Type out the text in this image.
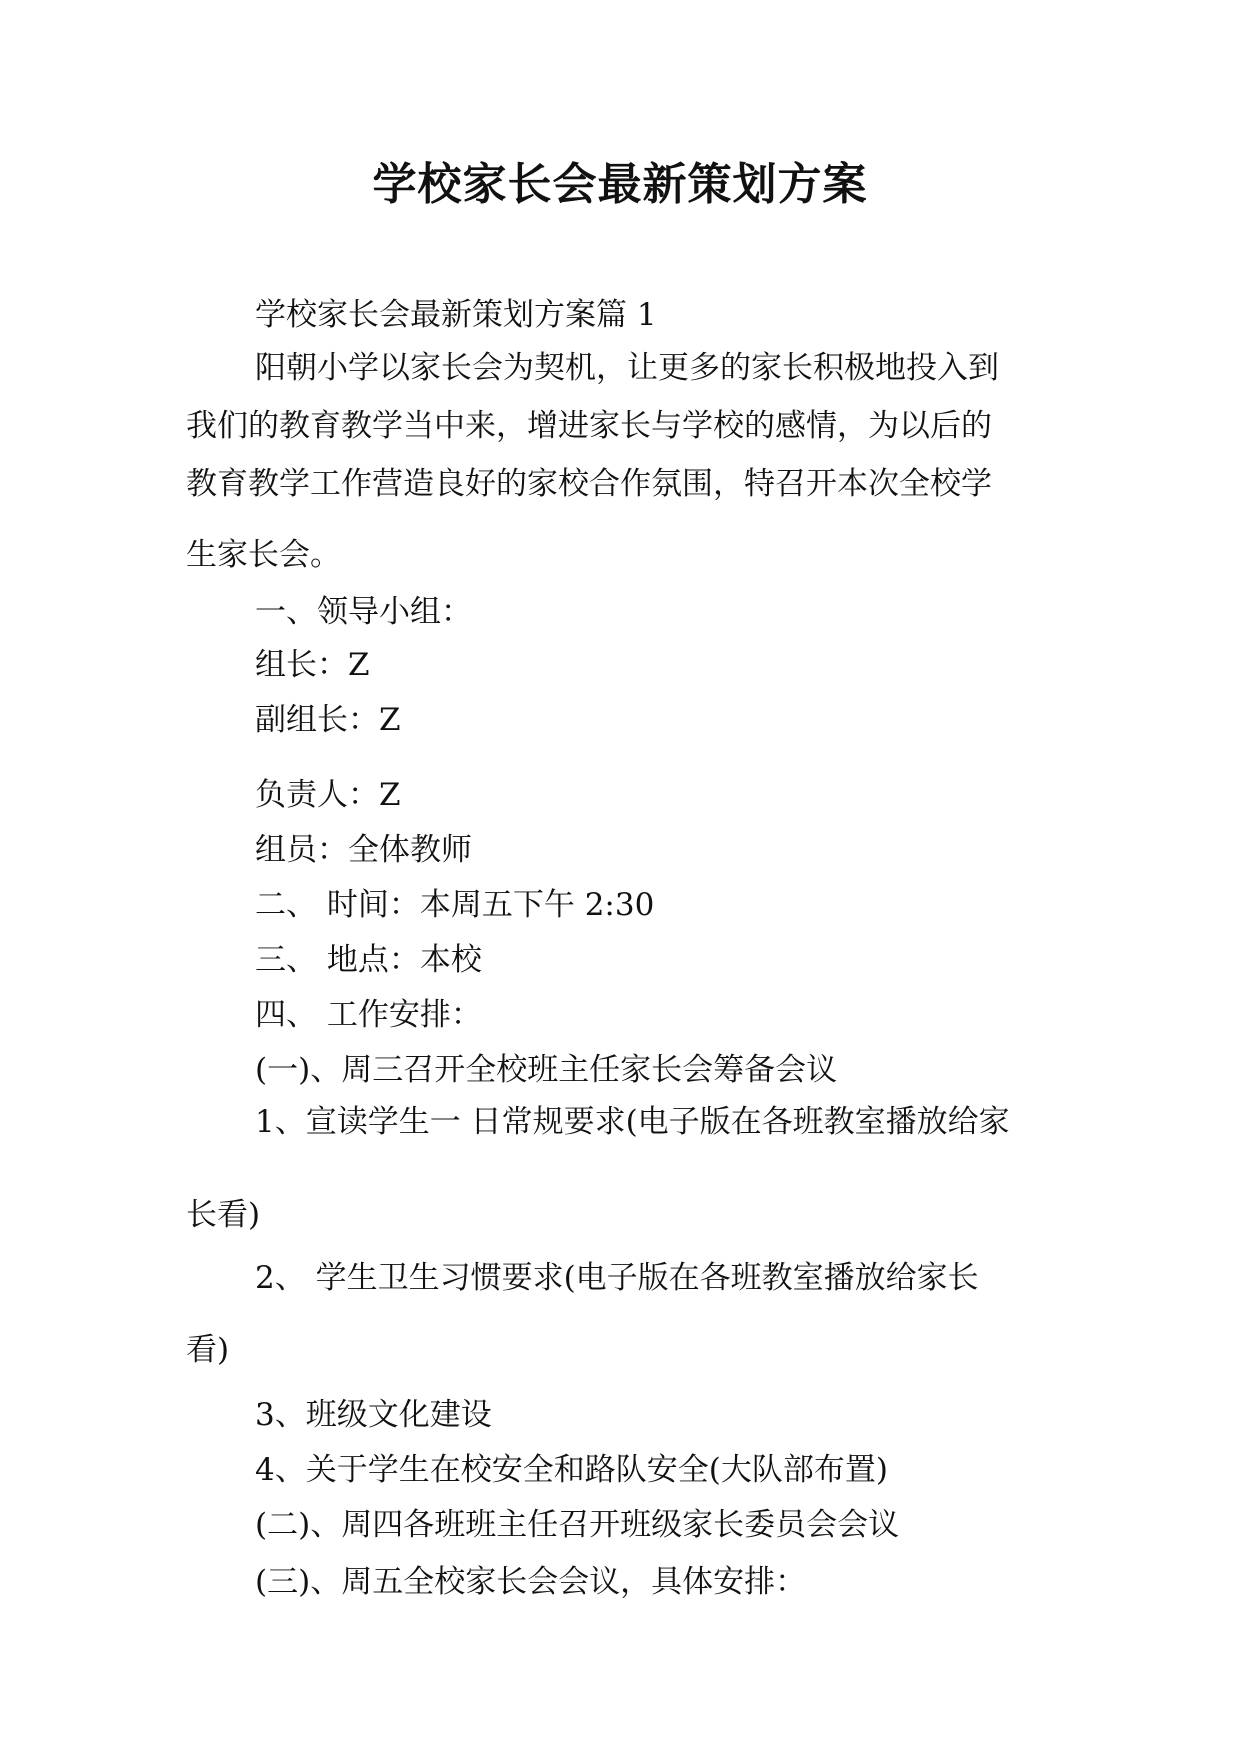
学校家长会最新策划方案
学校家长会最新策划方案篇 1
阳朝小学以家长会为契机，让更多的家长积极地投入到
我们的教育教学当中来，增进家长与学校的感情，为以后的
教育教学工作营造良好的家校合作氛围，特召开本次全校学
生家长会。
一、领导小组：
组长：Z
副组长：Z
负责人：Z
组员：全体教师
二、 时间：本周五下午 2:30
三、 地点：本校
四、 工作安排：
(一)、周三召开全校班主任家长会筹备会议
1、宣读学生一 日常规要求(电子版在各班教室播放给家
长看)
2、 学生卫生习惯要求(电子版在各班教室播放给家长
看)
3、班级文化建设
4、关于学生在校安全和路队安全(大队部布置)
(二)、周四各班班主任召开班级家长委员会会议
(三)、周五全校家长会会议，具体安排：
